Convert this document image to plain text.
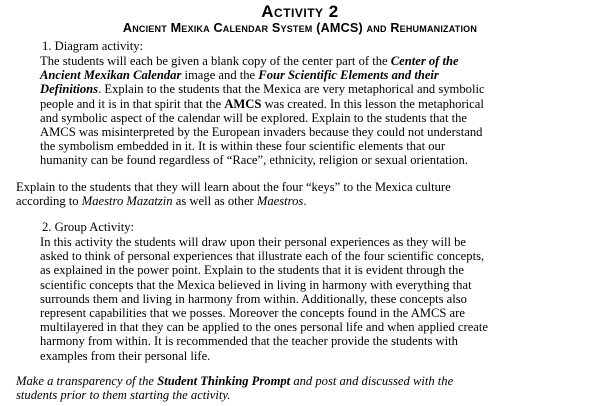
Activity 2
Ancient Mexika Calendar System (AMCS) and Rehumanization
1. Diagram activity:
The students will each be given a blank copy of the center part of the Center of the
Ancient Mexikan Calendar image and the Four Scientific Elements and their
Definitions. Explain to the students that the Mexica are very metaphorical and symbolic
people and it is in that spirit that the AMCS was created. In this lesson the metaphorical
and symbolic aspect of the calendar will be explored. Explain to the students that the
AMCS was misinterpreted by the European invaders because they could not understand
the symbolism embedded in it. It is within these four scientific elements that our
humanity can be found regardless of “Race”, ethnicity, religion or sexual orientation.
Explain to the students that they will learn about the four “keys” to the Mexica culture
according to Maestro Mazatzin as well as other Maestros.
2. Group Activity:
In this activity the students will draw upon their personal experiences as they will be
asked to think of personal experiences that illustrate each of the four scientific concepts,
as explained in the power point. Explain to the students that it is evident through the
scientific concepts that the Mexica believed in living in harmony with everything that
surrounds them and living in harmony from within. Additionally, these concepts also
represent capabilities that we posses. Moreover the concepts found in the AMCS are
multilayered in that they can be applied to the ones personal life and when applied create
harmony from within. It is recommended that the teacher provide the students with
examples from their personal life.
Make a transparency of the Student Thinking Prompt and post and discussed with the
students prior to them starting the activity.
